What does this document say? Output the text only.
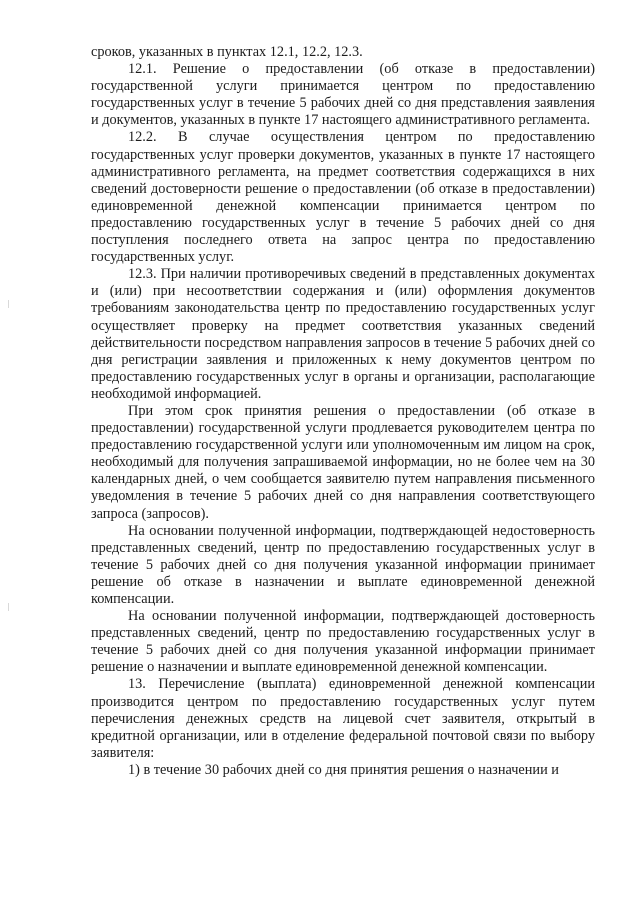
сроков, указанных в пунктах 12.1, 12.2, 12.3.

12.1. Решение о предоставлении (об отказе в предоставлении) государственной услуги принимается центром по предоставлению государственных услуг в течение 5 рабочих дней со дня представления заявления и документов, указанных в пункте 17 настоящего административного регламента.

12.2. В случае осуществления центром по предоставлению государственных услуг проверки документов, указанных в пункте 17 настоящего административного регламента, на предмет соответствия содержащихся в них сведений достоверности решение о предоставлении (об отказе в предоставлении) единовременной денежной компенсации принимается центром по предоставлению государственных услуг в течение 5 рабочих дней со дня поступления последнего ответа на запрос центра по предоставлению государственных услуг.

12.3. При наличии противоречивых сведений в представленных документах и (или) при несоответствии содержания и (или) оформления документов требованиям законодательства центр по предоставлению государственных услуг осуществляет проверку на предмет соответствия указанных сведений действительности посредством направления запросов в течение 5 рабочих дней со дня регистрации заявления и приложенных к нему документов центром по предоставлению государственных услуг в органы и организации, располагающие необходимой информацией.

При этом срок принятия решения о предоставлении (об отказе в предоставлении) государственной услуги продлевается руководителем центра по предоставлению государственной услуги или уполномоченным им лицом на срок, необходимый для получения запрашиваемой информации, но не более чем на 30 календарных дней, о чем сообщается заявителю путем направления письменного уведомления в течение 5 рабочих дней со дня направления соответствующего запроса (запросов).

На основании полученной информации, подтверждающей недостоверность представленных сведений, центр по предоставлению государственных услуг в течение 5 рабочих дней со дня получения указанной информации принимает решение об отказе в назначении и выплате единовременной денежной компенсации.

На основании полученной информации, подтверждающей достоверность представленных сведений, центр по предоставлению государственных услуг в течение 5 рабочих дней со дня получения указанной информации принимает решение о назначении и выплате единовременной денежной компенсации.

13. Перечисление (выплата) единовременной денежной компенсации производится центром по предоставлению государственных услуг путем перечисления денежных средств на лицевой счет заявителя, открытый в кредитной организации, или в отделение федеральной почтовой связи по выбору заявителя:

1) в течение 30 рабочих дней со дня принятия решения о назначении и
